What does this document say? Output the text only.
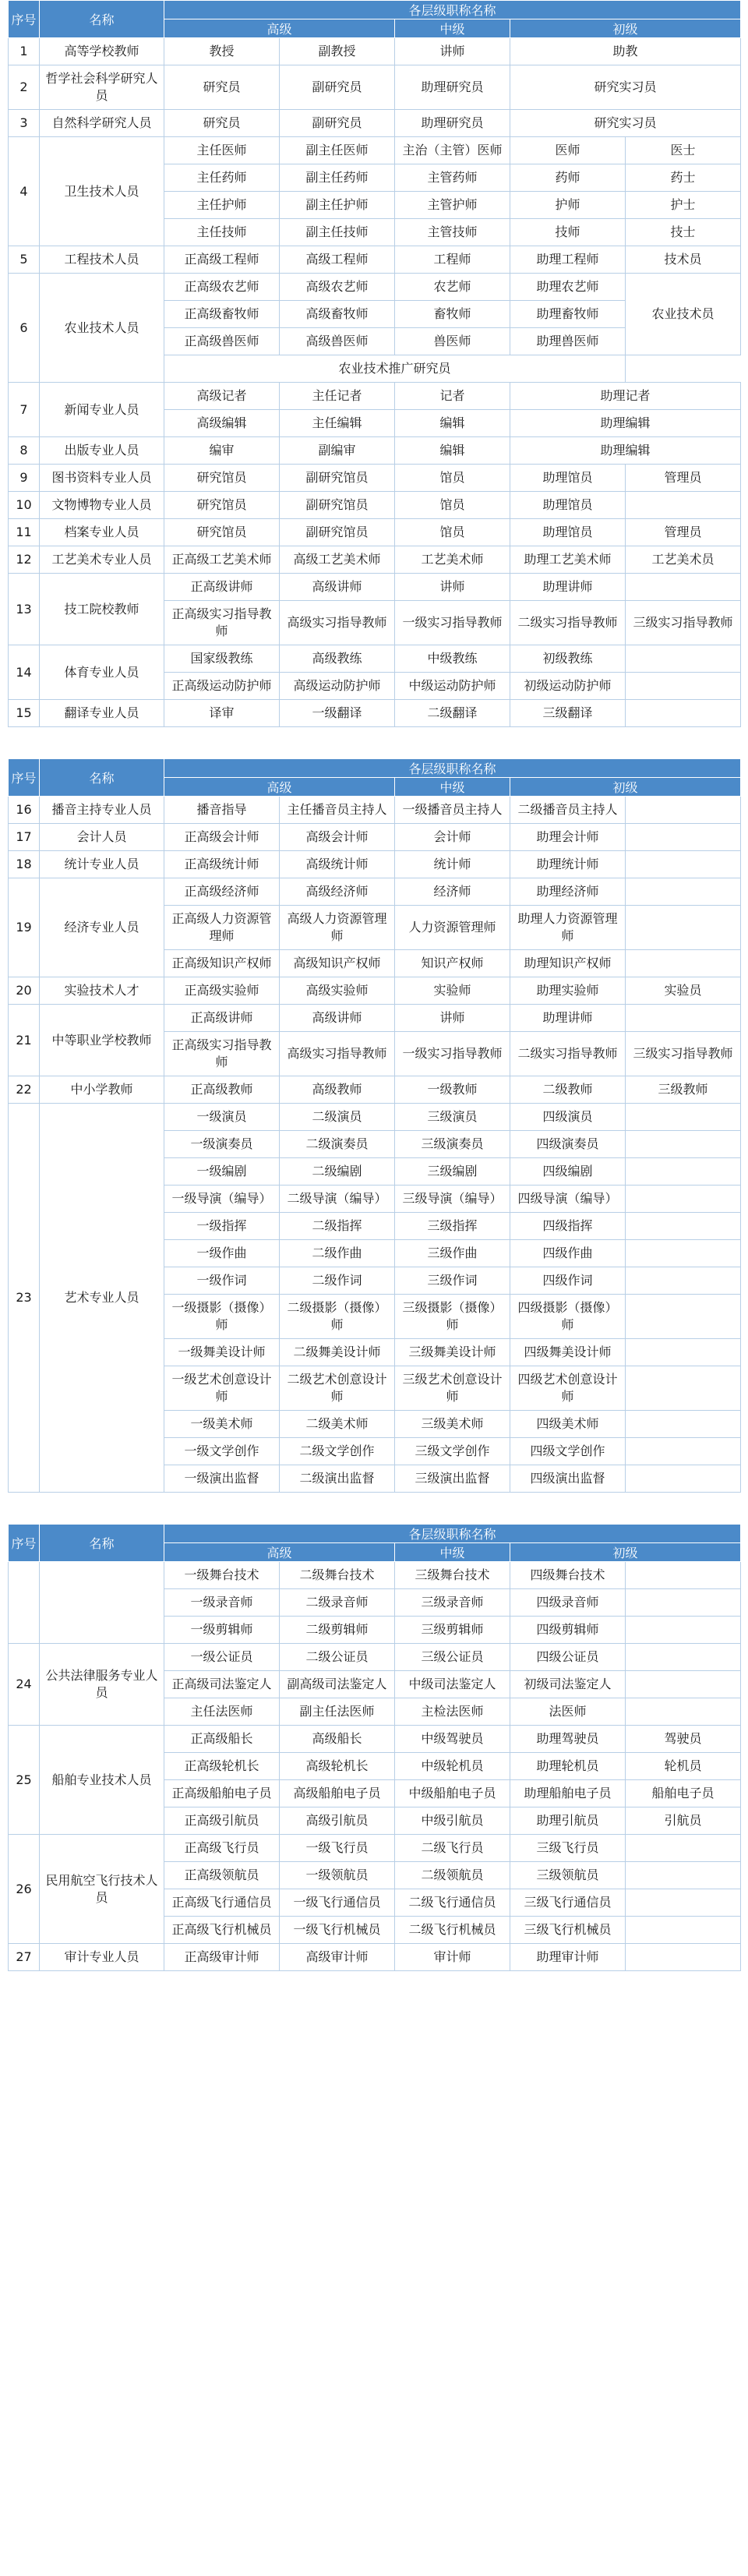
序号	名称	各层级职称名称				
		高级		中级	初级	
1	高等学校教师	教授	副教授	讲师	助教	
2	哲学社会科学研究人员	研究员	副研究员	助理研究员	研究实习员	
3	自然科学研究人员	研究员	副研究员	助理研究员	研究实习员	
4	卫生技术人员	主任医师	副主任医师	主治（主管）医师	医师	医士
		主任药师	副主任药师	主管药师	药师	药士
		主任护师	副主任护师	主管护师	护师	护士
		主任技师	副主任技师	主管技师	技师	技士
5	工程技术人员	正高级工程师	高级工程师	工程师	助理工程师	技术员
6	农业技术人员	正高级农艺师	高级农艺师	农艺师	助理农艺师	农业技术员
		正高级畜牧师	高级畜牧师	畜牧师	助理畜牧师	
		正高级兽医师	高级兽医师	兽医师	助理兽医师	
		农业技术推广研究员				
7	新闻专业人员	高级记者	主任记者	记者	助理记者	
		高级编辑	主任编辑	编辑	助理编辑	
8	出版专业人员	编审	副编审	编辑	助理编辑	
9	图书资料专业人员	研究馆员	副研究馆员	馆员	助理馆员	管理员
10	文物博物专业人员	研究馆员	副研究馆员	馆员	助理馆员	
11	档案专业人员	研究馆员	副研究馆员	馆员	助理馆员	管理员
12	工艺美术专业人员	正高级工艺美术师	高级工艺美术师	工艺美术师	助理工艺美术师	工艺美术员
13	技工院校教师	正高级讲师	高级讲师	讲师	助理讲师	
		正高级实习指导教师	高级实习指导教师	一级实习指导教师	二级实习指导教师	三级实习指导教师
14	体育专业人员	国家级教练	高级教练	中级教练	初级教练	
		正高级运动防护师	高级运动防护师	中级运动防护师	初级运动防护师	
15	翻译专业人员	译审	一级翻译	二级翻译	三级翻译	
序号	名称	各层级职称名称				
		高级		中级	初级	
16	播音主持专业人员	播音指导	主任播音员主持人	一级播音员主持人	二级播音员主持人	
17	会计人员	正高级会计师	高级会计师	会计师	助理会计师	
18	统计专业人员	正高级统计师	高级统计师	统计师	助理统计师	
19	经济专业人员	正高级经济师	高级经济师	经济师	助理经济师	
		正高级人力资源管理师	高级人力资源管理师	人力资源管理师	助理人力资源管理师	
		正高级知识产权师	高级知识产权师	知识产权师	助理知识产权师	
20	实验技术人才	正高级实验师	高级实验师	实验师	助理实验师	实验员
21	中等职业学校教师	正高级讲师	高级讲师	讲师	助理讲师	
		正高级实习指导教师	高级实习指导教师	一级实习指导教师	二级实习指导教师	三级实习指导教师
22	中小学教师	正高级教师	高级教师	一级教师	二级教师	三级教师
23	艺术专业人员	一级演员	二级演员	三级演员	四级演员	
		一级演奏员	二级演奏员	三级演奏员	四级演奏员	
		一级编剧	二级编剧	三级编剧	四级编剧	
		一级导演（编导）	二级导演（编导）	三级导演（编导）	四级导演（编导）	
		一级指挥	二级指挥	三级指挥	四级指挥	
		一级作曲	二级作曲	三级作曲	四级作曲	
		一级作词	二级作词	三级作词	四级作词	
		一级摄影（摄像）师	二级摄影（摄像）师	三级摄影（摄像）师	四级摄影（摄像）师	
		一级舞美设计师	二级舞美设计师	三级舞美设计师	四级舞美设计师	
		一级艺术创意设计师	二级艺术创意设计师	三级艺术创意设计师	四级艺术创意设计师	
		一级美术师	二级美术师	三级美术师	四级美术师	
		一级文学创作	二级文学创作	三级文学创作	四级文学创作	
		一级演出监督	二级演出监督	三级演出监督	四级演出监督	
序号	名称	各层级职称名称				
		高级		中级	初级	
		一级舞台技术	二级舞台技术	三级舞台技术	四级舞台技术	
		一级录音师	二级录音师	三级录音师	四级录音师	
		一级剪辑师	二级剪辑师	三级剪辑师	四级剪辑师	
24	公共法律服务专业人员	一级公证员	二级公证员	三级公证员	四级公证员	
		正高级司法鉴定人	副高级司法鉴定人	中级司法鉴定人	初级司法鉴定人	
		主任法医师	副主任法医师	主检法医师	法医师	
25	船舶专业技术人员	正高级船长	高级船长	中级驾驶员	助理驾驶员	驾驶员
		正高级轮机长	高级轮机长	中级轮机员	助理轮机员	轮机员
		正高级船舶电子员	高级船舶电子员	中级船舶电子员	助理船舶电子员	船舶电子员
		正高级引航员	高级引航员	中级引航员	助理引航员	引航员
26	民用航空飞行技术人员	正高级飞行员	一级飞行员	二级飞行员	三级飞行员	
		正高级领航员	一级领航员	二级领航员	三级领航员	
		正高级飞行通信员	一级飞行通信员	二级飞行通信员	三级飞行通信员	
		正高级飞行机械员	一级飞行机械员	二级飞行机械员	三级飞行机械员	
27	审计专业人员	正高级审计师	高级审计师	审计师	助理审计师	
